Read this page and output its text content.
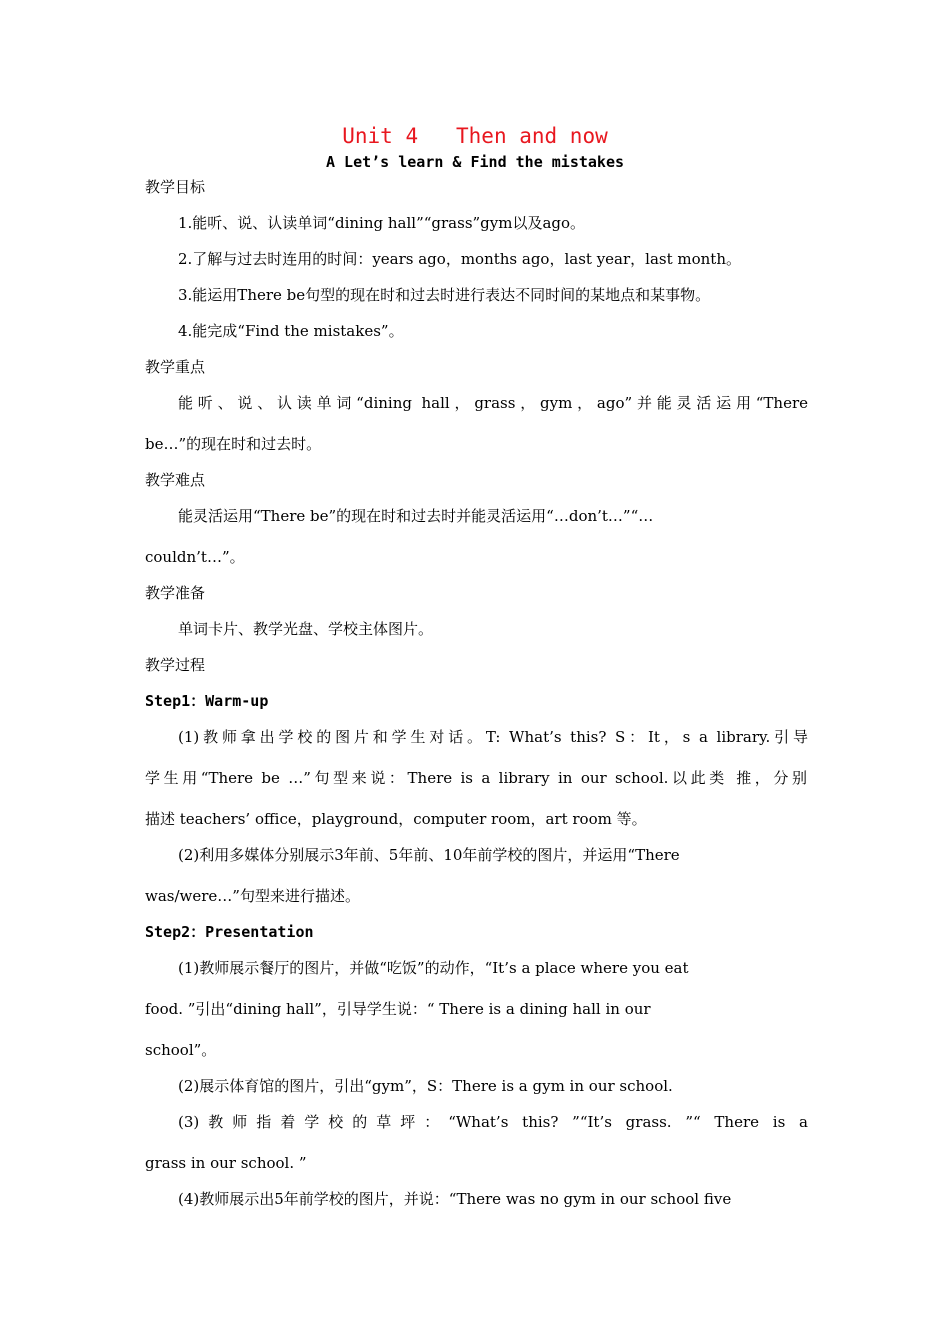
Unit 4   Then and now
A Let’s learn & Find the mistakes
教学目标
1.能听、说、认读单词“dining hall”“grass”gym以及ago。
2.了解与过去时连用的时间：years ago，months ago，last year，last month。
3.能运用There be句型的现在时和过去时进行表达不同时间的某地点和某事物。
4.能完成“Find the mistakes”。
教学重点
能听、说、认读单词“dining hall，grass，gym，ago”并能灵活运用“There
be…”的现在时和过去时。
教学难点
能灵活运用“There be”的现在时和过去时并能灵活运用“…don’t…”“…
couldn’t…”。
教学准备
单词卡片、教学光盘、学校主体图片。
教学过程
Step1：Warm-up
(1)教师拿出学校的图片和学生对话。T: What’s this? S：It，s a library.引导
学生用“There be …”句型来说：There is a library in our school.以此类 推，分别
描述 teachers’ office，playground，computer room，art room 等。
(2)利用多媒体分别展示3年前、5年前、10年前学校的图片，并运用“There
was/were…”句型来进行描述。
Step2：Presentation
(1)教师展示餐厅的图片，并做“吃饭”的动作，“It’s a place where you eat
food. ”引出“dining hall”，引导学生说：“ There is a dining hall in our
school”。
(2)展示体育馆的图片，引出“gym”，S：There is a gym in our school.
(3)教师指着学校的草坪：“What’s this? ”“It’s grass. ”“ There is a
grass in our school. ”
(4)教师展示出5年前学校的图片，并说：“There was no gym in our school five
